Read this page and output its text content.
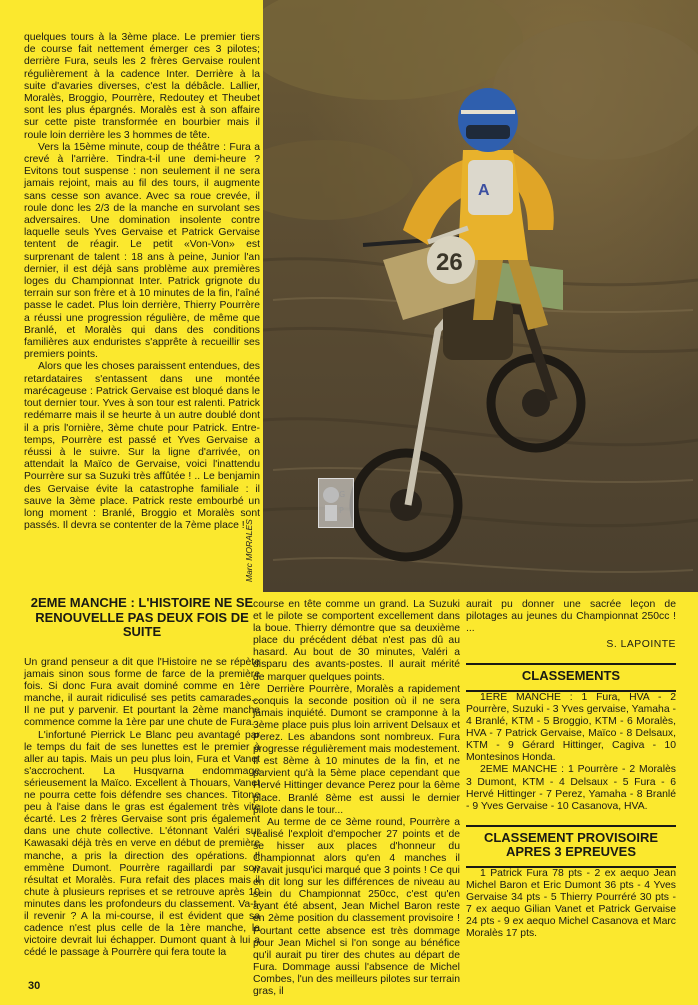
quelques tours à la 3ème place. Le premier tiers de course fait nettement émerger ces 3 pilotes; derrière Fura, seuls les 2 frères Gervaise roulent régulièrement à la cadence Inter. Derrière à la suite d'avaries diverses, c'est la débâcle. Lallier, Moralès, Broggio, Pourrère, Redoutey et Theubet sont les plus épargnés. Moralès est à son affaire sur cette piste transformée en bourbier mais il roule loin derrière les 3 hommes de tête.

Vers la 15ème minute, coup de théâtre : Fura a crevé à l'arrière. Tindra-t-il une demi-heure ? Evitons tout suspense : non seulement il ne sera jamais rejoint, mais au fil des tours, il augmente sans cesse son avance. Avec sa roue crevée, il roule donc les 2/3 de la manche en survolant ses adversaires. Une domination insolente contre laquelle seuls Yves Gervaise et Patrick Gervaise tentent de réagir. Le petit «Von-Von» est surprenant de talent : 18 ans à peine, Junior l'an dernier, il est déjà sans problème aux premières loges du Championnat Inter. Patrick grignote du terrain sur son frère et à 10 minutes de la fin, l'aîné passe le cadet. Plus loin derrière, Thierry Pourrère a réussi une progression régulière, de même que Branlé, et Moralès qui dans des conditions familières aux enduristes s'apprête à recueillir ses premiers points.

Alors que les choses paraissent entendues, des retardataires s'entassent dans une montée marécageuse : Patrick Gervaise est bloqué dans le tout dernier tour. Yves à son tour est ralenti. Patrick redémarre mais il se heurte à un autre doublé dont il a pris l'ornière, 3ème chute pour Patrick. Entre-temps, Pourrère est passé et Yves Gervaise a réussi à le suivre. Sur la ligne d'arrivée, on attendait la Maïco de Gervaise, voici l'inattendu Pourrère sur sa Suzuki très affûtée ! .. Le benjamin des Gervaise évite la catastrophe familiale : il sauve la 3ème place. Patrick reste embourbé un long moment : Branlé, Broggio et Moralès sont passés. Il devra se contenter de la 7ème place !

A
26
Marc MORALES
G
P
2EME MANCHE : L'HISTOIRE NE SE RENOUVELLE PAS DEUX FOIS DE SUITE

Un grand penseur a dit que l'Histoire ne se répète jamais sinon sous forme de farce de la première fois. Si donc Fura avait dominé comme en 1ère manche, il aurait ridiculisé ses petits camarades... Il ne put y parvenir. Et pourtant la 2ème manche commence comme la 1ère par une chute de Fura.

L'infortuné Pierrick Le Blanc peu avantagé par le temps du fait de ses lunettes est le premier à aller au tapis. Mais un peu plus loin, Fura et Vanet s'accrochent. La Husqvarna endommage sérieusement la Maïco. Excellent à Thouars, Vanet ne pourra cette fois défendre ses chances. Titone peu à l'aise dans le gras est également très vite écarté. Les 2 frères Gervaise sont pris également dans une chute collective. L'étonnant Valéri sur Kawasaki déjà très en verve en début de première manche, a pris la direction des opérations. Il emmène Dumont. Pourrère ragaillardi par son résultat et Moralès. Fura refait des places mais il chute à plusieurs reprises et se retrouve après 10 minutes dans les profondeurs du classement. Va-t-il revenir ? A la mi-course, il est évident que sa cadence n'est plus celle de la 1ère manche, la victoire devrait lui échapper. Dumont quant à lui a cédé le passage à Pourrère qui fera toute la

course en tête comme un grand. La Suzuki et le pilote se comportent excellement dans la boue. Thierry démontre que sa deuxième place du précédent débat n'est pas dû au hasard. Au bout de 30 minutes, Valéri a disparu des avants-postes. Il aurait mérité de marquer quelques points.

Derrière Pourrère, Moralès a rapidement conquis la seconde position où il ne sera jamais inquiété. Dumont se cramponne à la 3ème place puis plus loin arrivent Delsaux et Perez. Les abandons sont nombreux. Fura progresse régulièrement mais modestement. Il est 8ème à 10 minutes de la fin, et ne parvient qu'à la 5ème place cependant que Hervé Hittinger devance Perez pour la 6ème place. Branlé 8ème est aussi le dernier pilote dans le tour...

Au terme de ce 3ème round, Pourrère a réalisé l'exploit d'empocher 27 points et de se hisser aux places d'honneur du Championnat alors qu'en 4 manches il n'avait jusqu'ici marqué que 3 points ! Ce qui en dit long sur les différences de niveau au sein du Championnat 250cc, c'est qu'en ayant été absent, Jean Michel Baron reste en 2ème position du classement provisoire ! Pourtant cette absence est très dommage pour Jean Michel si l'on songe au bénéfice qu'il aurait pu tirer des chutes au départ de Fura. Dommage aussi l'absence de Michel Combes, l'un des meilleurs pilotes sur terrain gras, il

aurait pu donner une sacrée leçon de pilotages au jeunes du Championnat 250cc ! ...

S. LAPOINTE
CLASSEMENTS

1ERE MANCHE : 1 Fura, HVA - 2 Pourrère, Suzuki - 3 Yves gervaise, Yamaha - 4 Branlé, KTM - 5 Broggio, KTM - 6 Moralès, HVA - 7 Patrick Gervaise, Maïco - 8 Delsaux, KTM - 9 Gérard Hittinger, Cagiva - 10 Montesinos Honda.

2EME MANCHE : 1 Pourrère - 2 Moralès 3 Dumont, KTM - 4 Delsaux - 5 Fura - 6 Hervé Hittinger - 7 Perez, Yamaha - 8 Branlé - 9 Yves Gervaise - 10 Casanova, HVA.

CLASSEMENT PROVISOIRE APRES 3 EPREUVES

1 Patrick Fura 78 pts - 2 ex aequo Jean Michel Baron et Eric Dumont 36 pts - 4 Yves Gervaise 34 pts - 5 Thierry Pourréré 30 pts - 7 ex aequo Gilian Vanet et Patrick Gervaise 24 pts - 9 ex aequo Michel Casanova et Marc Moralès 17 pts.

30
